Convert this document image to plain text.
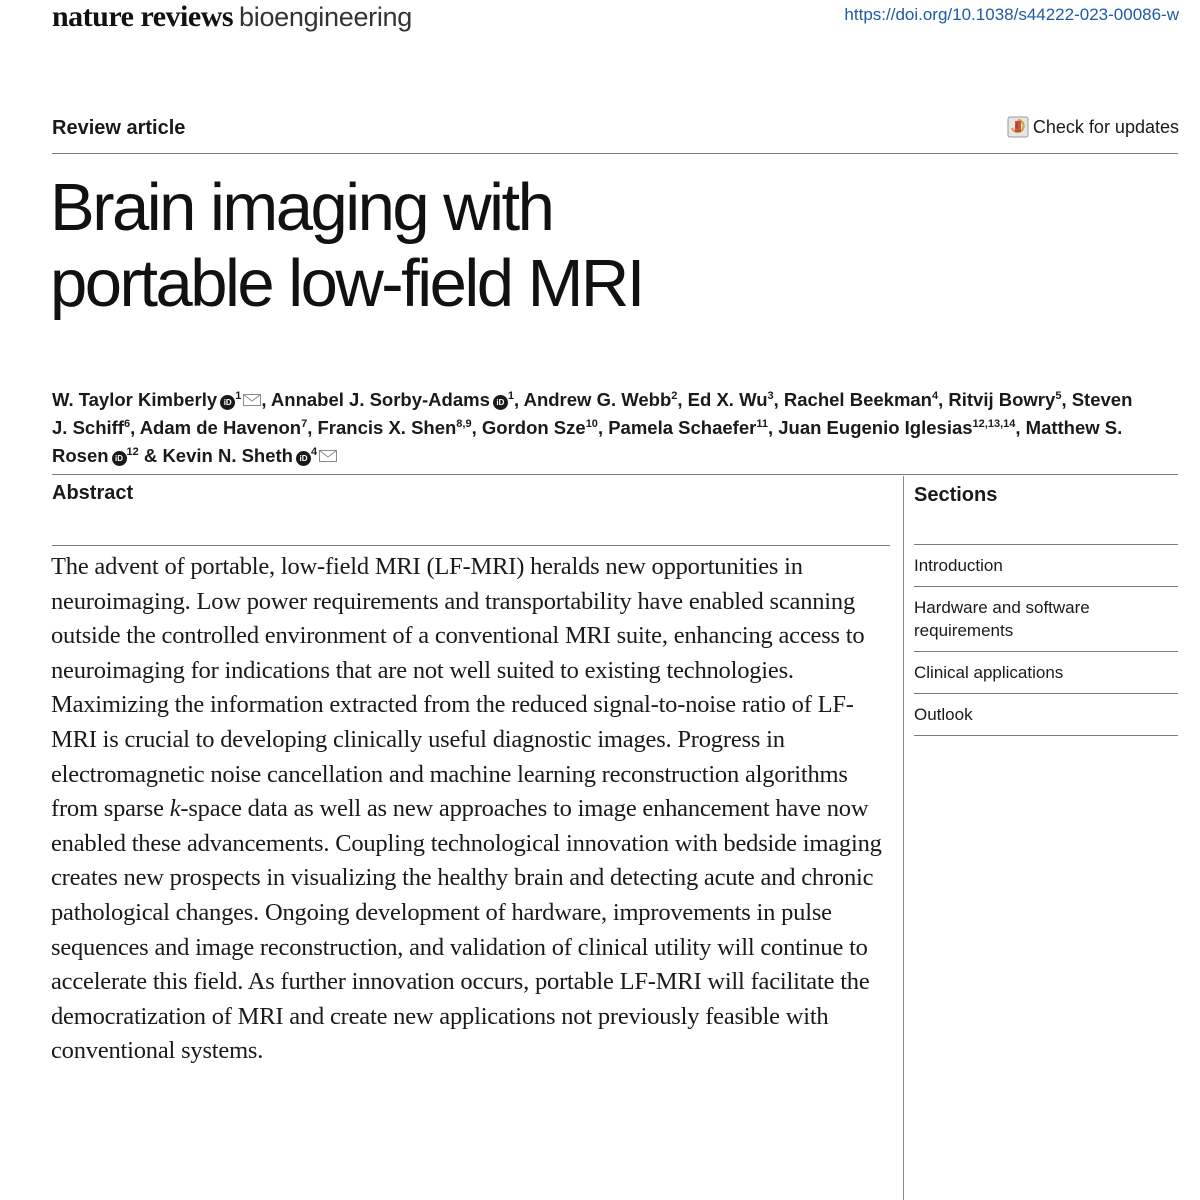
nature reviews bioengineering	https://doi.org/10.1038/s44222-023-00086-w
Review article	Check for updates
Brain imaging with
portable low-field MRI
W. Taylor Kimberly $iD^1$ , Annabel J. Sorby-Adams $iD^1$, Andrew G. Webb$^2$, Ed X. Wu$^3$, Rachel Beekman$^4$, Ritvij Bowry$^5$, Steven J. Schiff$^6$, Adam de Havenon$^7$, Francis X. Shen$^{8,9}$, Gordon Sze$^{10}$, Pamela Schaefer$^{11}$, Juan Eugenio Iglesias$^{12,13,14}$, Matthew S. Rosen $iD^{12}$ & Kevin N. Sheth $iD^4$
Abstract

The advent of portable, low-field MRI (LF-MRI) heralds new opportunities in neuroimaging. Low power requirements and transportability have enabled scanning outside the controlled environment of a conventional MRI suite, enhancing access to neuroimaging for indications that are not well suited to existing technologies. Maximizing the information extracted from the reduced signal-to-noise ratio of LF-MRI is crucial to developing clinically useful diagnostic images. Progress in electromagnetic noise cancellation and machine learning reconstruction algorithms from sparse k-space data as well as new approaches to image enhancement have now enabled these advancements. Coupling technological innovation with bedside imaging creates new prospects in visualizing the healthy brain and detecting acute and chronic pathological changes. Ongoing development of hardware, improvements in pulse sequences and image reconstruction, and validation of clinical utility will continue to accelerate this field. As further innovation occurs, portable LF-MRI will facilitate the democratization of MRI and create new applications not previously feasible with conventional systems.

Sections
Introduction
Hardware and software requirements
Clinical applications
Outlook
